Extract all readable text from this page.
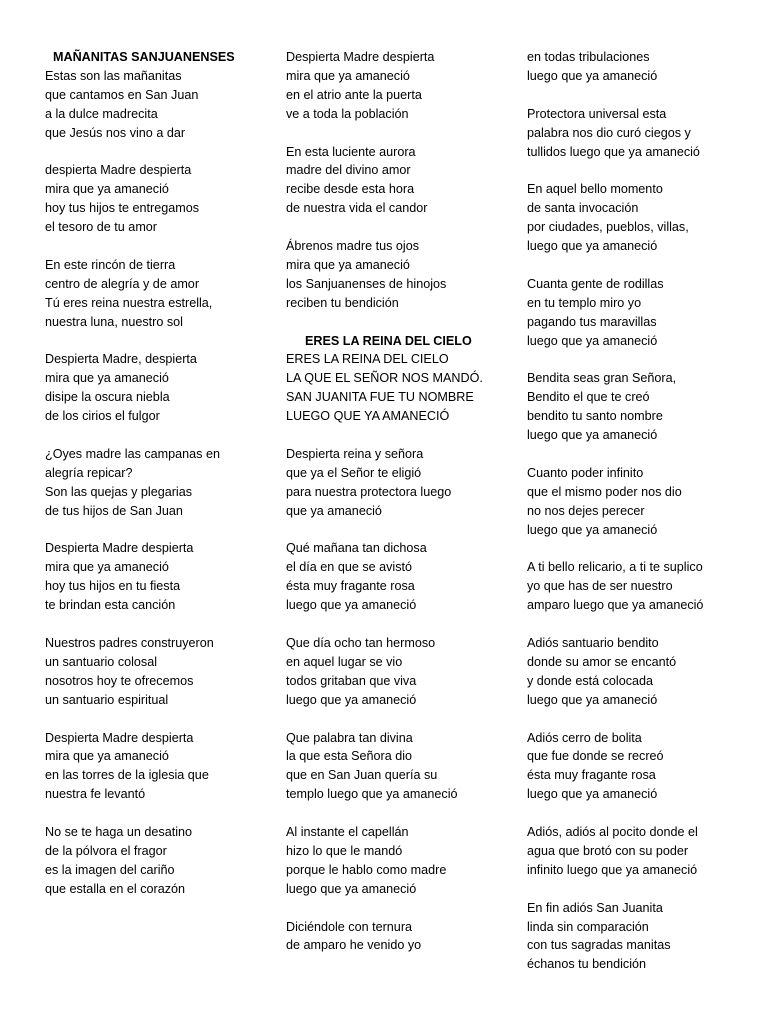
MAÑANITAS SANJUANENSES
Estas son las mañanitas
que cantamos en San Juan
a la dulce madrecita
que Jesús nos vino a dar
despierta Madre despierta
mira que ya amaneció
hoy tus hijos te entregamos
el tesoro de tu amor
En este rincón de tierra
centro de alegría y de amor
Tú eres reina nuestra estrella,
nuestra luna, nuestro sol
Despierta Madre, despierta
mira que ya amaneció
disipe la oscura niebla
de los cirios el fulgor
¿Oyes madre las campanas en
alegría repicar?
Son las quejas y plegarias
de tus hijos de San Juan
Despierta Madre despierta
mira que ya amaneció
hoy tus hijos en tu fiesta
te brindan esta canción
Nuestros padres construyeron
un santuario colosal
nosotros hoy te ofrecemos
un santuario espiritual
Despierta Madre despierta
mira que ya amaneció
en las torres de la iglesia que
nuestra fe levantó
No se te haga un desatino
de la pólvora el fragor
es la imagen del cariño
que estalla en el corazón
Despierta Madre despierta
mira que ya amaneció
en el atrio ante la puerta
ve a toda la población
En esta luciente aurora
madre del divino amor
recibe desde esta hora
de nuestra vida el candor
Ábrenos madre tus ojos
mira que ya amaneció
los Sanjuanenses de hinojos
reciben tu bendición
ERES LA REINA DEL CIELO
ERES LA REINA DEL CIELO
LA QUE EL SEÑOR NOS MANDÓ.
SAN JUANITA FUE TU NOMBRE
LUEGO QUE YA AMANECIÓ
Despierta reina y señora
que ya el Señor te eligió
para nuestra protectora luego
que ya amaneció
Qué mañana tan dichosa
el día en que se avistó
ésta muy fragante rosa
luego que ya amaneció
Que día ocho tan hermoso
en aquel lugar se vio
todos gritaban que viva
luego que ya amaneció
Que palabra tan divina
la que esta Señora dio
que en San Juan quería su
templo luego que ya amaneció
Al instante el capellán
hizo lo que le mandó
porque le hablo como madre
luego que ya amaneció
Diciéndole con ternura
de amparo he venido yo
en todas tribulaciones
luego que ya amaneció
Protectora universal esta
palabra nos dio curó ciegos y
tullidos luego que ya amaneció
En aquel bello momento
de santa invocación
por ciudades, pueblos, villas,
luego que ya amaneció
Cuanta gente de rodillas
en tu templo miro yo
pagando tus maravillas
luego que ya amaneció
Bendita seas gran Señora,
Bendito el que te creó
bendito tu santo nombre
luego que ya amaneció
Cuanto poder infinito
que el mismo poder nos dio
no nos dejes perecer
luego que ya amaneció
A ti bello relicario, a ti te suplico
yo que has de ser nuestro
amparo luego que ya amaneció
Adiós santuario bendito
donde su amor se encantó
y donde está colocada
luego que ya amaneció
Adiós cerro de bolita
que fue donde se recreó
ésta muy fragante rosa
luego que ya amaneció
Adiós, adiós al pocito donde el
agua que brotó con su poder
infinito luego que ya amaneció
En fin adiós San Juanita
linda sin comparación
con tus sagradas manitas
échanos tu bendición
